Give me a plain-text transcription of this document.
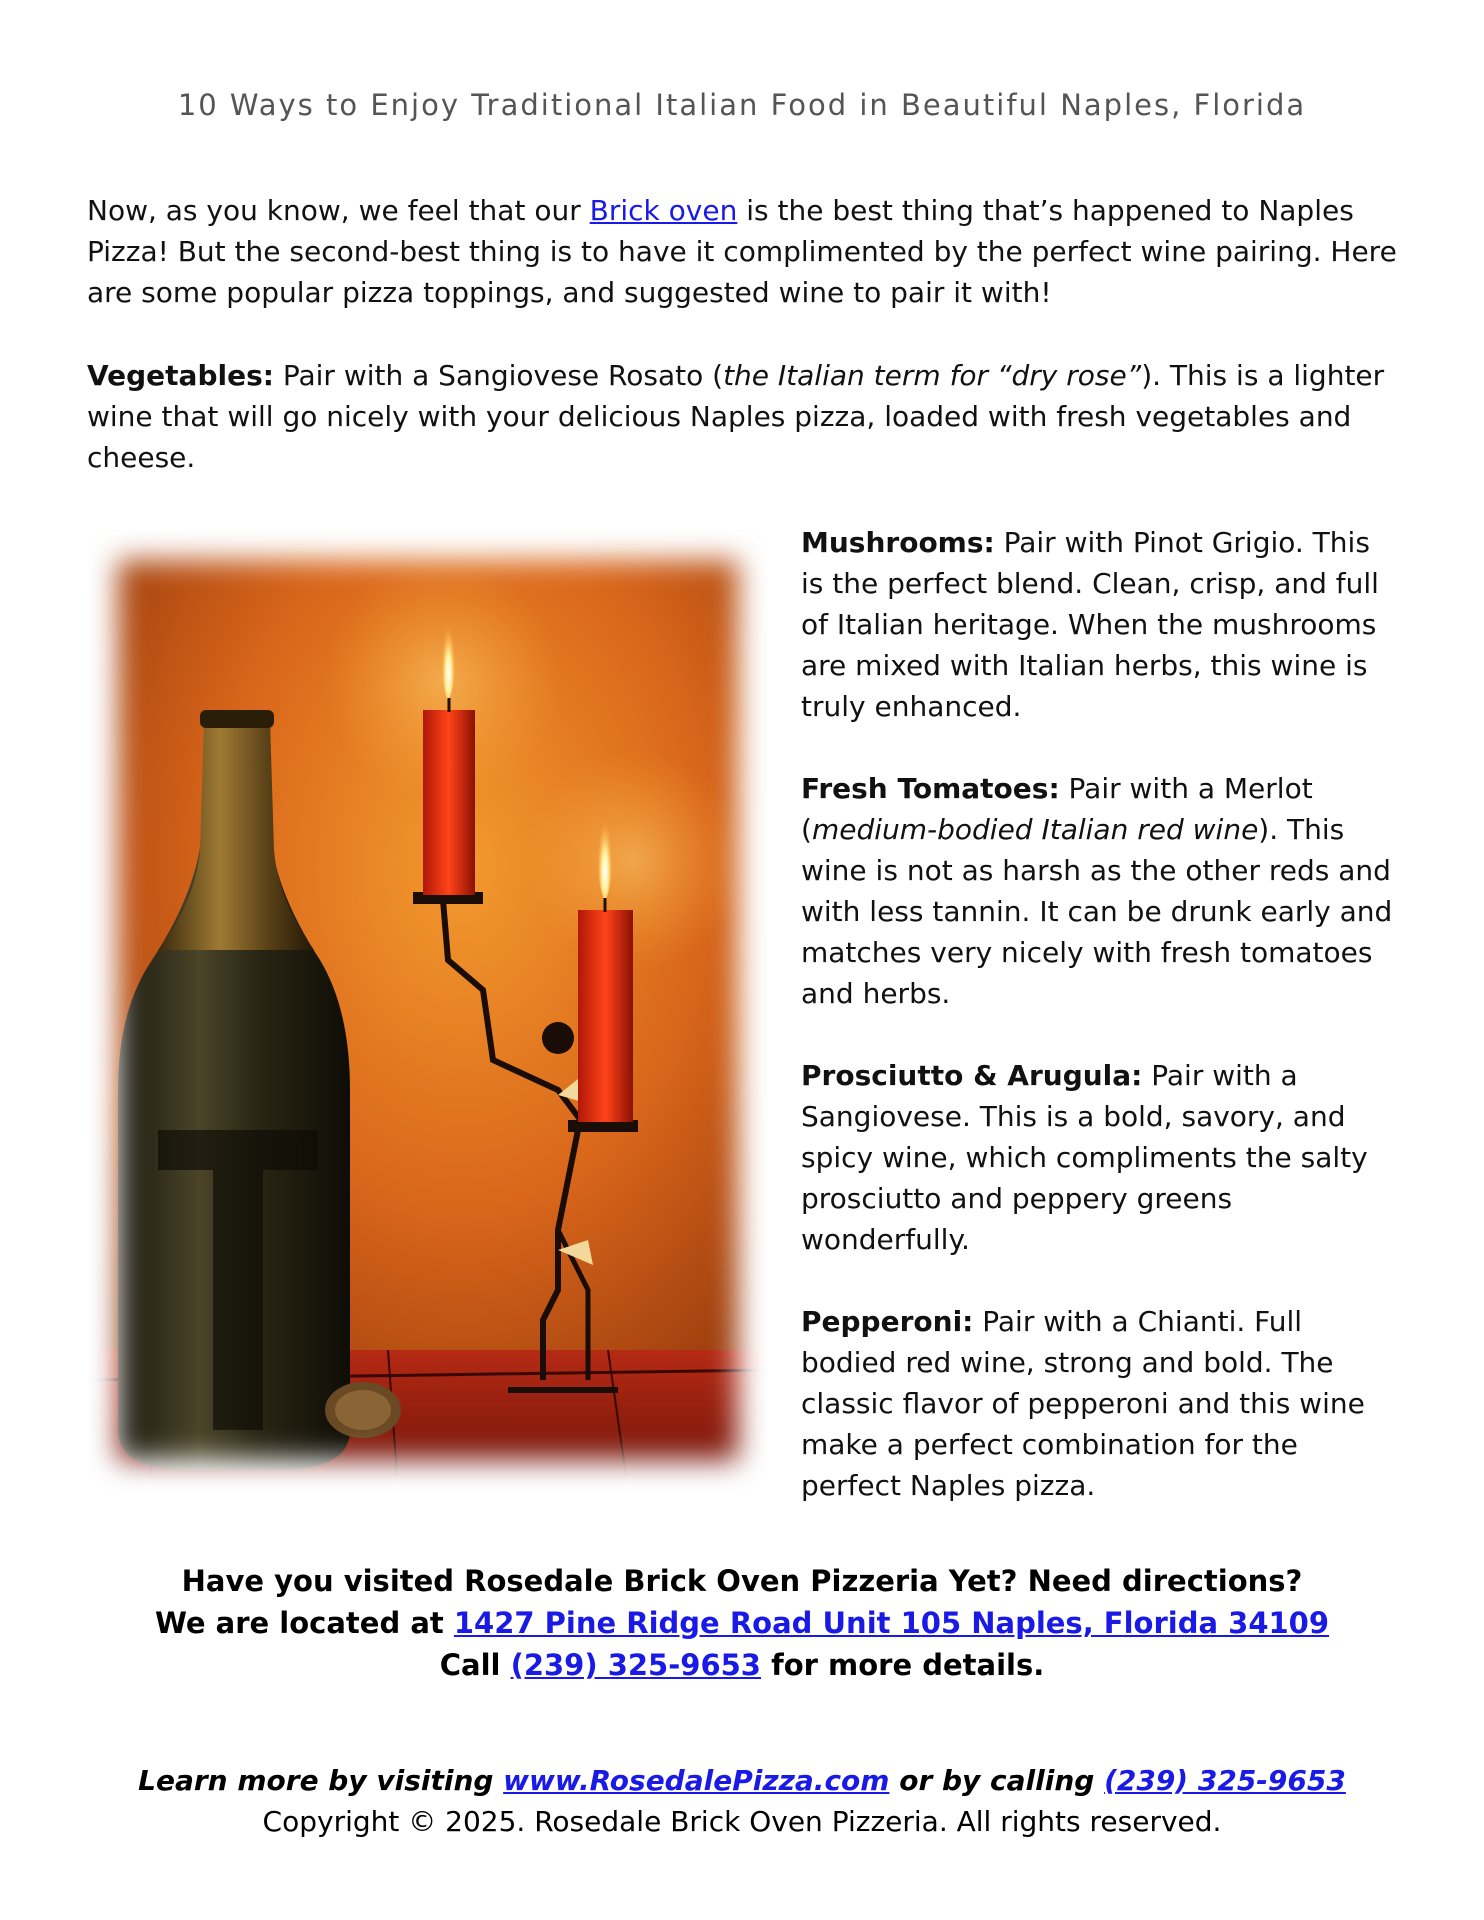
10 Ways to Enjoy Traditional Italian Food in Beautiful Naples, Florida
Now, as you know, we feel that our Brick oven is the best thing that’s happened to Naples Pizza! But the second-best thing is to have it complimented by the perfect wine pairing. Here are some popular pizza toppings, and suggested wine to pair it with!
Vegetables: Pair with a Sangiovese Rosato (the Italian term for “dry rose”). This is a lighter wine that will go nicely with your delicious Naples pizza, loaded with fresh vegetables and cheese.

Mushrooms: Pair with Pinot Grigio. This is the perfect blend. Clean, crisp, and full of Italian heritage. When the mushrooms are mixed with Italian herbs, this wine is truly enhanced.

Fresh Tomatoes: Pair with a Merlot (medium-bodied Italian red wine). This wine is not as harsh as the other reds and with less tannin. It can be drunk early and matches very nicely with fresh tomatoes and herbs.

Prosciutto & Arugula: Pair with a Sangiovese. This is a bold, savory, and spicy wine, which compliments the salty prosciutto and peppery greens wonderfully.

Pepperoni: Pair with a Chianti. Full bodied red wine, strong and bold. The classic flavor of pepperoni and this wine make a perfect combination for the perfect Naples pizza.

Have you visited Rosedale Brick Oven Pizzeria Yet? Need directions?
We are located at 1427 Pine Ridge Road Unit 105 Naples, Florida 34109
Call (239) 325-9653 for more details.
Learn more by visiting www.RosedalePizza.com or by calling (239) 325-9653
Copyright © 2025. Rosedale Brick Oven Pizzeria. All rights reserved.
